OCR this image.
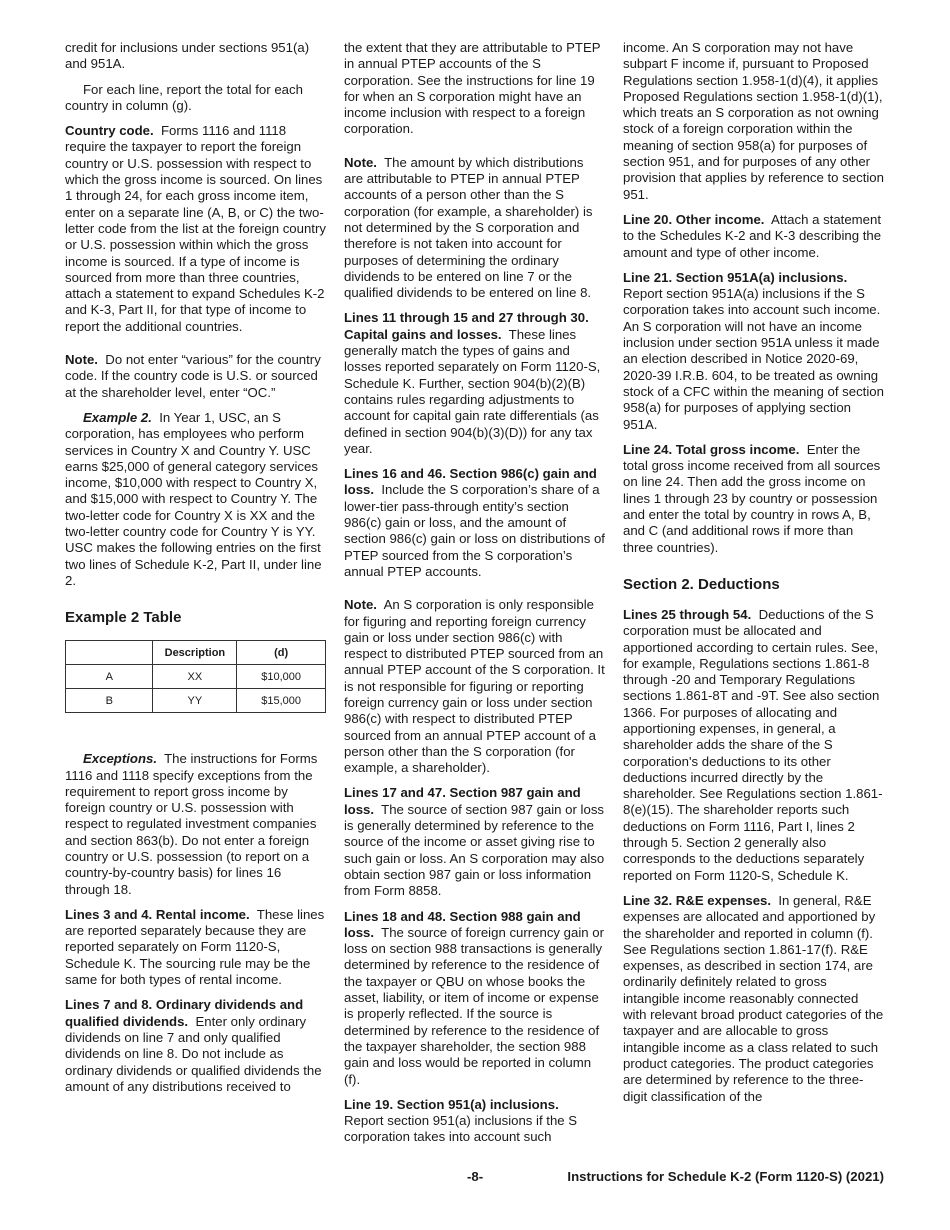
credit for inclusions under sections 951(a) and 951A.

For each line, report the total for each country in column (g).

Country code. Forms 1116 and 1118 require the taxpayer to report the foreign country or U.S. possession with respect to which the gross income is sourced. On lines 1 through 24, for each gross income item, enter on a separate line (A, B, or C) the two-letter code from the list at the foreign country or U.S. possession within which the gross income is sourced. If a type of income is sourced from more than three countries, attach a statement to expand Schedules K-2 and K-3, Part II, for that type of income to report the additional countries.

Note. Do not enter “various” for the country code. If the country code is U.S. or sourced at the shareholder level, enter “OC.”

Example 2. In Year 1, USC, an S corporation, has employees who perform services in Country X and Country Y. USC earns $25,000 of general category services income, $10,000 with respect to Country X, and $15,000 with respect to Country Y. The two-letter code for Country X is XX and the two-letter country code for Country Y is YY. USC makes the following entries on the first two lines of Schedule K-2, Part II, under line 2.

Example 2 Table
	Description	(d)
A	XX	$10,000
B	YY	$15,000

Exceptions. The instructions for Forms 1116 and 1118 specify exceptions from the requirement to report gross income by foreign country or U.S. possession with respect to regulated investment companies and section 863(b). Do not enter a foreign country or U.S. possession (to report on a country-by-country basis) for lines 16 through 18.

Lines 3 and 4. Rental income. These lines are reported separately because they are reported separately on Form 1120-S, Schedule K. The sourcing rule may be the same for both types of rental income.

Lines 7 and 8. Ordinary dividends and qualified dividends. Enter only ordinary dividends on line 7 and only qualified dividends on line 8. Do not include as ordinary dividends or qualified dividends the amount of any distributions received to

the extent that they are attributable to PTEP in annual PTEP accounts of the S corporation. See the instructions for line 19 for when an S corporation might have an income inclusion with respect to a foreign corporation.

Note. The amount by which distributions are attributable to PTEP in annual PTEP accounts of a person other than the S corporation (for example, a shareholder) is not determined by the S corporation and therefore is not taken into account for purposes of determining the ordinary dividends to be entered on line 7 or the qualified dividends to be entered on line 8.

Lines 11 through 15 and 27 through 30. Capital gains and losses. These lines generally match the types of gains and losses reported separately on Form 1120-S, Schedule K. Further, section 904(b)(2)(B) contains rules regarding adjustments to account for capital gain rate differentials (as defined in section 904(b)(3)(D)) for any tax year.

Lines 16 and 46. Section 986(c) gain and loss. Include the S corporation’s share of a lower-tier pass-through entity’s section 986(c) gain or loss, and the amount of section 986(c) gain or loss on distributions of PTEP sourced from the S corporation’s annual PTEP accounts.

Note. An S corporation is only responsible for figuring and reporting foreign currency gain or loss under section 986(c) with respect to distributed PTEP sourced from an annual PTEP account of the S corporation. It is not responsible for figuring or reporting foreign currency gain or loss under section 986(c) with respect to distributed PTEP sourced from an annual PTEP account of a person other than the S corporation (for example, a shareholder).

Lines 17 and 47. Section 987 gain and loss. The source of section 987 gain or loss is generally determined by reference to the source of the income or asset giving rise to such gain or loss. An S corporation may also obtain section 987 gain or loss information from Form 8858.

Lines 18 and 48. Section 988 gain and loss. The source of foreign currency gain or loss on section 988 transactions is generally determined by reference to the residence of the taxpayer or QBU on whose books the asset, liability, or item of income or expense is properly reflected. If the source is determined by reference to the residence of the taxpayer shareholder, the section 988 gain and loss would be reported in column (f).

Line 19. Section 951(a) inclusions.
Report section 951(a) inclusions if the S corporation takes into account such

income. An S corporation may not have subpart F income if, pursuant to Proposed Regulations section 1.958-1(d)(4), it applies Proposed Regulations section 1.958-1(d)(1), which treats an S corporation as not owning stock of a foreign corporation within the meaning of section 958(a) for purposes of section 951, and for purposes of any other provision that applies by reference to section 951.

Line 20. Other income. Attach a statement to the Schedules K-2 and K-3 describing the amount and type of other income.

Line 21. Section 951A(a) inclusions.
Report section 951A(a) inclusions if the S corporation takes into account such income. An S corporation will not have an income inclusion under section 951A unless it made an election described in Notice 2020-69, 2020-39 I.R.B. 604, to be treated as owning stock of a CFC within the meaning of section 958(a) for purposes of applying section 951A.

Line 24. Total gross income. Enter the total gross income received from all sources on line 24. Then add the gross income on lines 1 through 23 by country or possession and enter the total by country in rows A, B, and C (and additional rows if more than three countries).

Section 2. Deductions

Lines 25 through 54. Deductions of the S corporation must be allocated and apportioned according to certain rules. See, for example, Regulations sections 1.861-8 through -20 and Temporary Regulations sections 1.861-8T and -9T. See also section 1366. For purposes of allocating and apportioning expenses, in general, a shareholder adds the share of the S corporation's deductions to its other deductions incurred directly by the shareholder. See Regulations section 1.861-8(e)(15). The shareholder reports such deductions on Form 1116, Part I, lines 2 through 5. Section 2 generally also corresponds to the deductions separately reported on Form 1120-S, Schedule K.

Line 32. R&E expenses. In general, R&E expenses are allocated and apportioned by the shareholder and reported in column (f). See Regulations section 1.861-17(f). R&E expenses, as described in section 174, are ordinarily definitely related to gross intangible income reasonably connected with relevant broad product categories of the taxpayer and are allocable to gross intangible income as a class related to such product categories. The product categories are determined by reference to the three-digit classification of the

-8-	Instructions for Schedule K-2 (Form 1120-S) (2021)
